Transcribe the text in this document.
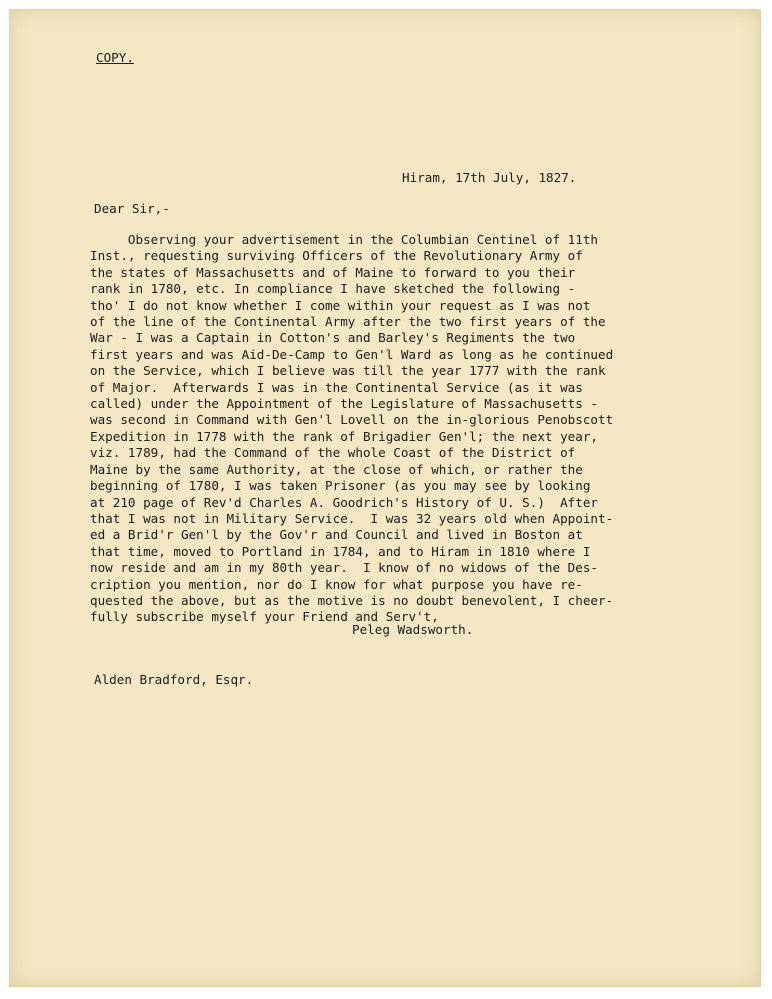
COPY.

Hiram, 17th July, 1827.

Dear Sir,-

Observing your advertisement in the Columbian Centinel of 11th
Inst., requesting surviving Officers of the Revolutionary Army of
the states of Massachusetts and of Maine to forward to you their
rank in 1780, etc. In compliance I have sketched the following -
tho' I do not know whether I come within your request as I was not
of the line of the Continental Army after the two first years of the
War - I was a Captain in Cotton's and Barley's Regiments the two
first years and was Aid-De-Camp to Gen'l Ward as long as he continued
on the Service, which I believe was till the year 1777 with the rank
of Major.  Afterwards I was in the Continental Service (as it was
called) under the Appointment of the Legislature of Massachusetts -
was second in Command with Gen'l Lovell on the in-glorious Penobscott
Expedition in 1778 with the rank of Brigadier Gen'l; the next year,
viz. 1789, had the Command of the whole Coast of the District of
Maine by the same Authority, at the close of which, or rather the
beginning of 1780, I was taken Prisoner (as you may see by looking
at 210 page of Rev'd Charles A. Goodrich's History of U. S.)  After
that I was not in Military Service.  I was 32 years old when Appoint-
ed a Brid'r Gen'l by the Gov'r and Council and lived in Boston at
that time, moved to Portland in 1784, and to Hiram in 1810 where I
now reside and am in my 80th year.  I know of no widows of the Des-
cription you mention, nor do I know for what purpose you have re-
quested the above, but as the motive is no doubt benevolent, I cheer-
fully subscribe myself your Friend and Serv't,

Peleg Wadsworth.

Alden Bradford, Esqr.
